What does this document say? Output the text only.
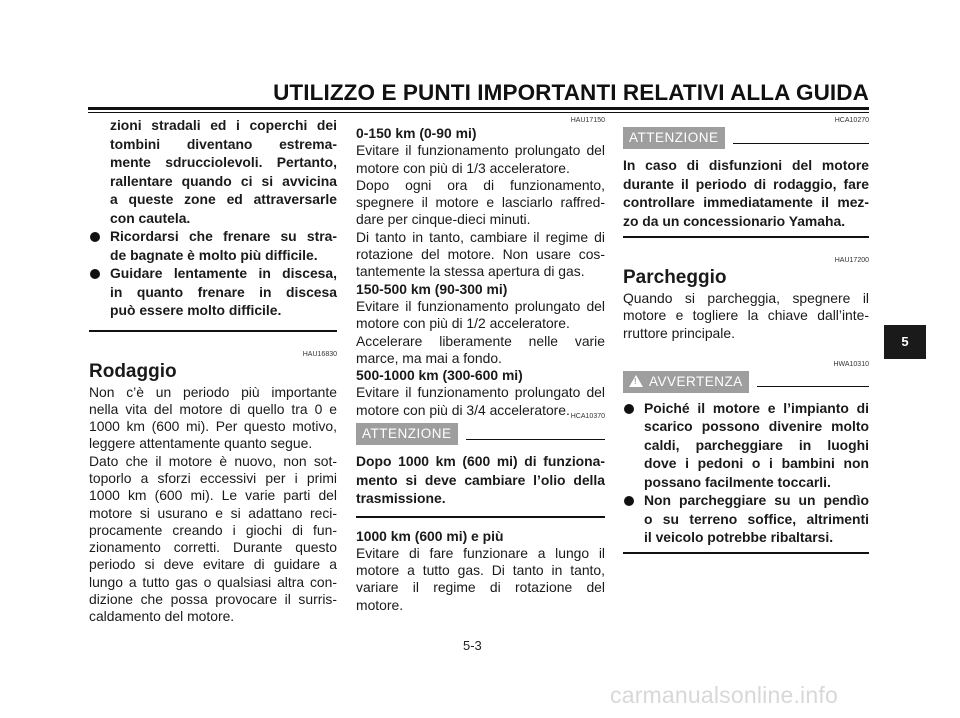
UTILIZZO E PUNTI IMPORTANTI RELATIVI ALLA GUIDA
zioni stradali ed i coperchi dei
tombini diventano estrema-
mente sdrucciolevoli. Pertanto,
rallentare quando ci si avvicina
a queste zone ed attraversarle
con cautela.
Ricordarsi che frenare su stra-
de bagnate è molto più difficile.
Guidare lentamente in discesa,
in quanto frenare in discesa
può essere molto difficile.
HAU16830
Rodaggio
Non c’è un periodo più importante
nella vita del motore di quello tra 0 e
1000 km (600 mi). Per questo motivo,
leggere attentamente quanto segue.
Dato che il motore è nuovo, non sot-
toporlo a sforzi eccessivi per i primi
1000 km (600 mi). Le varie parti del
motore si usurano e si adattano reci-
procamente creando i giochi di fun-
zionamento corretti. Durante questo
periodo si deve evitare di guidare a
lungo a tutto gas o qualsiasi altra con-
dizione che possa provocare il surris-
caldamento del motore.
HAU17150
0-150 km (0-90 mi)
Evitare il funzionamento prolungato del
motore con più di 1/3 acceleratore.
Dopo ogni ora di funzionamento,
spegnere il motore e lasciarlo raffred-
dare per cinque-dieci minuti.
Di tanto in tanto, cambiare il regime di
rotazione del motore. Non usare cos-
tantemente la stessa apertura di gas.
150-500 km (90-300 mi)
Evitare il funzionamento prolungato del
motore con più di 1/2 acceleratore.
Accelerare liberamente nelle varie
marce, ma mai a fondo.
500-1000 km (300-600 mi)
Evitare il funzionamento prolungato del
motore con più di 3/4 acceleratore. HCA10370
ATTENZIONE
Dopo 1000 km (600 mi) di funziona-
mento si deve cambiare l’olio della
trasmissione.
1000 km (600 mi) e più
Evitare di fare funzionare a lungo il
motore a tutto gas. Di tanto in tanto,
variare il regime di rotazione del
motore.
HCA10270
ATTENZIONE
In caso di disfunzioni del motore
durante il periodo di rodaggio, fare
controllare immediatamente il mez-
zo da un concessionario Yamaha.
HAU17200
Parcheggio
Quando si parcheggia, spegnere il
motore e togliere la chiave dall’inte-
rruttore principale.
HWA10310
! AVVERTENZA
Poiché il motore e l’impianto di
scarico possono divenire molto
caldi, parcheggiare in luoghi
dove i pedoni o i bambini non
possano facilmente toccarli.
Non parcheggiare su un pendìo
o su terreno soffice, altrimenti
il veicolo potrebbe ribaltarsi.
5
5-3
carmanualsonline.info
